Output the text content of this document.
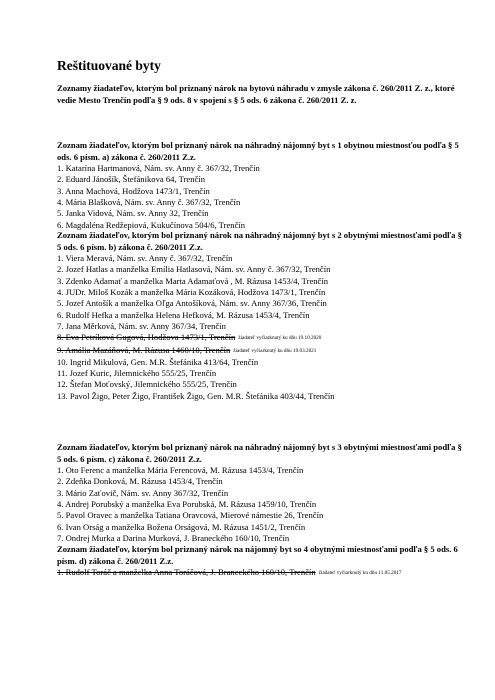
Reštituované byty
Zoznamy žiadateľov, ktorým bol priznaný nárok na bytovú náhradu v zmysle zákona č. 260/2011 Z. z., ktoré vedie Mesto Trenčín podľa § 9 ods. 8 v spojení s § 5 ods. 6 zákona č. 260/2011 Z. z.

Zoznam žiadateľov, ktorým bol priznaný nárok na náhradný nájomný byt s 1 obytnou miestnosťou podľa § 5 ods. 6 písm. a) zákona č. 260/2011 Z.z.

1. Katarína Hartmanová, Nám. sv. Anny č. 367/32, Trenčín

2. Eduard Jánošík, Štefánikova 64, Trenčín

3. Anna Machová, Hodžova 1473/1, Trenčín

4. Mária Blašková, Nám. sv. Anny č. 367/32, Trenčín

5. Janka Vidová, Nám. sv. Anny 32, Trenčín

6. Magdaléna Redžepiová, Kukučínova 504/6, Trenčín

Zoznam žiadateľov, ktorým bol priznaný nárok na náhradný nájomný byt s 2 obytnými miestnosťami podľa § 5 ods. 6 písm. b) zákona č. 260/2011 Z.z.

1. Viera Meravá, Nám. sv. Anny č. 367/32, Trenčín

2. Jozef Hatlas a manželka Emília Hatlasová, Nám. sv. Anny č. 367/32, Trenčín

3. Zdenko Adamať a manželka Marta Adamaťová , M. Rázusa 1453/4, Trenčín

4. JUDr. Miloš Kozák a manželka Mária Kozáková, Hodžova 1473/1, Trenčín

5. Jozef Antošík a manželka Oľga Antošíková, Nám. sv. Anny 367/36, Trenčín

6. Rudolf Hefka a manželka Helena Hefková, M. Rázusa 1453/4, Trenčín

7. Jana Měrková, Nám. sv. Anny 367/34, Trenčín

8. Eva Petríková Gugová, Hodžova 1473/1, Trenčín žiadateľ vyčiarknutý ku dňu 19.10.2020

9. Amália Mazáňová, M. Rázusa 1460/10, Trenčín žiadateľ vyčiarknutý ku dňu 19.03.2021

10. Ingrid Mikulová, Gen. M.R. Štefánika 413/64, Trenčín

11. Jozef Kuric, Jilemnického 555/25, Trenčín

12. Štefan Moťovský, Jilemnického 555/25, Trenčín

13. Pavol Žigo, Peter Žigo, František Žigo, Gen. M.R. Štefánika 403/44, Trenčín

Zoznam žiadateľov, ktorým bol priznaný nárok na náhradný nájomný byt s 3 obytnými miestnosťami podľa § 5 ods. 6 písm. c) zákona č. 260/2011 Z.z.

1. Oto Ferenc a manželka Mária Ferencová, M. Rázusa 1453/4, Trenčín

2. Zdeňka Donková, M. Rázusa 1453/4, Trenčín

3. Mário Zaťovič, Nám. sv. Anny 367/32, Trenčín

4. Andrej Porubský a manželka Eva Porubská, M. Rázusa 1459/10, Trenčín

5. Pavol Oravec a manželka Tatiana Oravcová, Mierové námestie 26, Trenčín

6. Ivan Orság a manželka Božena Orságová, M. Rázusa 1451/2, Trenčín

7. Ondrej Murka a Darina Murková, J. Braneckého 160/10, Trenčín

Zoznam žiadateľov, ktorým bol priznaný nárok na nájomný byt so 4 obytnými miestnosťami podľa § 5 ods. 6 písm. d) zákona č. 260/2011 Z.z.

1. Rudolf Toráč a manželka Anna Toráčová, J. Braneckého 160/10, Trenčín žiadateľ vyčiarknutý ku dňu 11.05.2017
